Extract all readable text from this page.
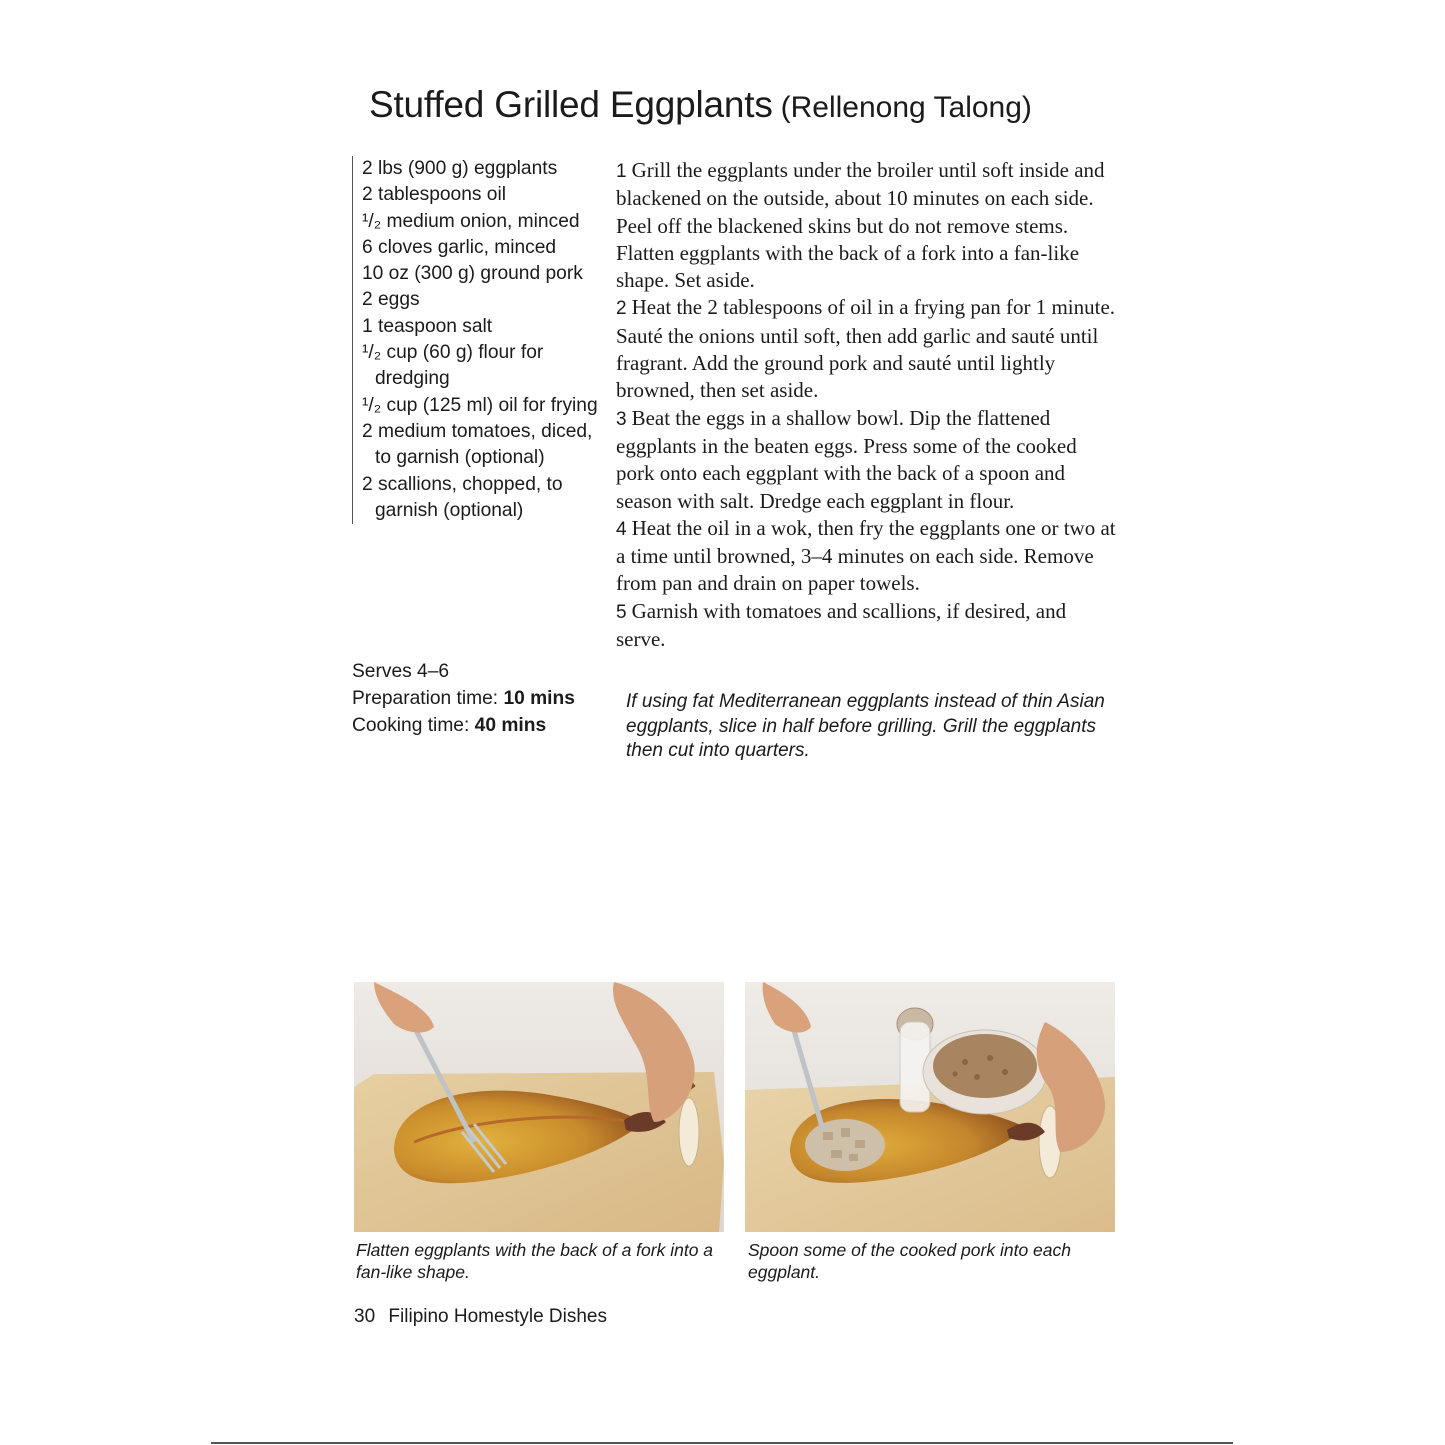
Stuffed Grilled Eggplants (Rellenong Talong)
2 lbs (900 g) eggplants
2 tablespoons oil
¹/₂ medium onion, minced
6 cloves garlic, minced
10 oz (300 g) ground pork
2 eggs
1 teaspoon salt
¹/₂ cup (60 g) flour for dredging
¹/₂ cup (125 ml) oil for frying
2 medium tomatoes, diced, to garnish (optional)
2 scallions, chopped, to garnish (optional)
Serves 4–6
Preparation time: 10 mins
Cooking time: 40 mins
1 Grill the eggplants under the broiler until soft inside and blackened on the outside, about 10 minutes on each side. Peel off the blackened skins but do not remove stems. Flatten eggplants with the back of a fork into a fan-like shape. Set aside.
2 Heat the 2 tablespoons of oil in a frying pan for 1 minute. Sauté the onions until soft, then add garlic and sauté until fragrant. Add the ground pork and sauté until lightly browned, then set aside.
3 Beat the eggs in a shallow bowl. Dip the flattened eggplants in the beaten eggs. Press some of the cooked pork onto each eggplant with the back of a spoon and season with salt. Dredge each eggplant in flour.
4 Heat the oil in a wok, then fry the eggplants one or two at a time until browned, 3–4 minutes on each side. Remove from pan and drain on paper towels.
5 Garnish with tomatoes and scallions, if desired, and serve.
If using fat Mediterranean eggplants instead of thin Asian eggplants, slice in half before grilling. Grill the eggplants then cut into quarters.
Flatten eggplants with the back of a fork into a fan-like shape.
Spoon some of the cooked pork into each eggplant.
30 Filipino Homestyle Dishes
